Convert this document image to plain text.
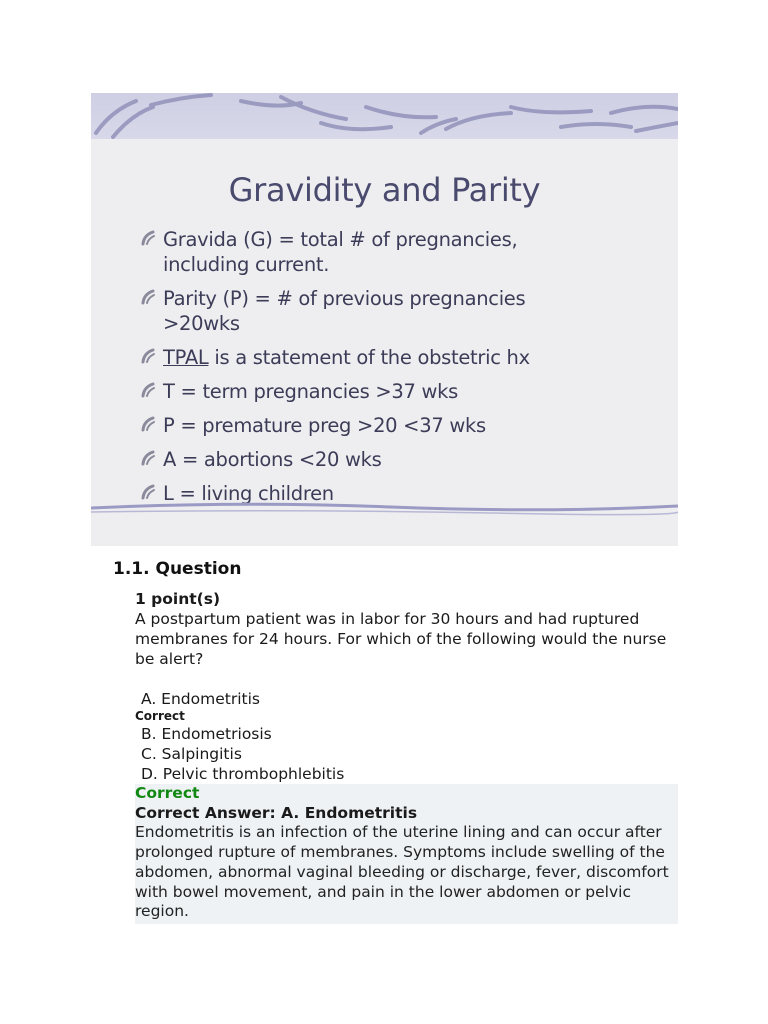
Gravidity and Parity
Gravida (G) = total # of pregnancies,
including current.
Parity (P) = # of previous pregnancies
>20wks
TPAL is a statement of the obstetric hx
T = term pregnancies >37 wks
P = premature preg >20 <37 wks
A = abortions <20 wks
L = living children
1.1. Question
1 point(s)

A postpartum patient was in labor for 30 hours and had ruptured membranes for 24 hours. For which of the following would the nurse be alert?

A. Endometritis
Correct
B. Endometriosis
C. Salpingitis
D. Pelvic thrombophlebitis
Correct
Correct Answer: A. Endometritis

Endometritis is an infection of the uterine lining and can occur after prolonged rupture of membranes. Symptoms include swelling of the abdomen, abnormal vaginal bleeding or discharge, fever, discomfort with bowel movement, and pain in the lower abdomen or pelvic region.
